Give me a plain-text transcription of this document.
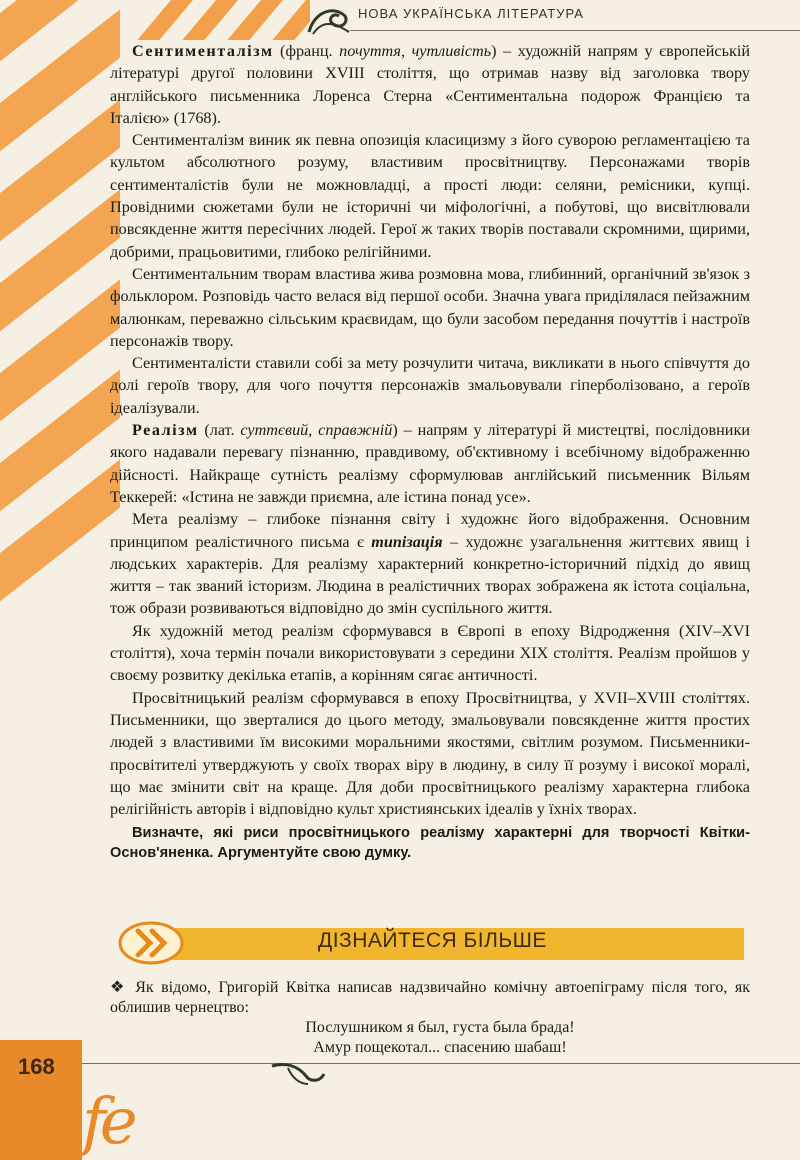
НОВА УКРАЇНСЬКА ЛІТЕРАТУРА

Сентименталізм (франц. почуття, чутливість) – художній напрям у європейській літературі другої половини XVIII століття, що отримав назву від заголовка твору англійського письменника Лоренса Стерна «Сентиментальна подорож Францією та Італією» (1768).

Сентименталізм виник як певна опозиція класицизму з його суворою регламентацією та культом абсолютного розуму, властивим просвітництву. Персонажами творів сентименталістів були не можновладці, а прості люди: селяни, ремісники, купці. Провідними сюжетами були не історичні чи міфологічні, а побутові, що висвітлювали повсякденне життя пересічних людей. Герої ж таких творів поставали скромними, щирими, добрими, працьовитими, глибоко релігійними.

Сентиментальним творам властива жива розмовна мова, глибинний, органічний зв'язок з фольклором. Розповідь часто велася від першої особи. Значна увага приділялася пейзажним малюнкам, переважно сільським краєвидам, що були засобом передання почуттів і настроїв персонажів твору.

Сентименталісти ставили собі за мету розчулити читача, викликати в нього співчуття до долі героїв твору, для чого почуття персонажів змальовували гіперболізовано, а героїв ідеалізували.

Реалізм (лат. суттєвий, справжній) – напрям у літературі й мистецтві, послідовники якого надавали перевагу пізнанню, правдивому, об'єктивному і всебічному відображенню дійсності. Найкраще сутність реалізму сформулював англійський письменник Вільям Теккерей: «Істина не завжди приємна, але істина понад усе».

Мета реалізму – глибоке пізнання світу і художнє його відображення. Основним принципом реалістичного письма є типізація – художнє узагальнення життєвих явищ і людських характерів. Для реалізму характерний конкретно-історичний підхід до явищ життя – так званий історизм. Людина в реалістичних творах зображена як істота соціальна, тож образи розвиваються відповідно до змін суспільного життя.

Як художній метод реалізм сформувався в Європі в епоху Відродження (XIV–XVI століття), хоча термін почали використовувати з середини XIX століття. Реалізм пройшов у своєму розвитку декілька етапів, а корінням сягає античності.

Просвітницький реалізм сформувався в епоху Просвітництва, у XVII–XVIII століттях. Письменники, що зверталися до цього методу, змальовували повсякденне життя простих людей з властивими їм високими моральними якостями, світлим розумом. Письменники-просвітителі утверджують у своїх творах віру в людину, в силу її розуму і високої моралі, що має змінити світ на краще. Для доби просвітницького реалізму характерна глибока релігійність авторів і відповідно культ християнських ідеалів у їхніх творах.

Визначте, які риси просвітницького реалізму характерні для творчості Квітки-Основ'яненка. Аргументуйте свою думку.

ДІЗНАЙТЕСЯ БІЛЬШЕ

❖ Як відомо, Григорій Квітка написав надзвичайно комічну автоепіграму після того, як облишив чернецтво:

Послушником я был, густа была брада!

Амур пощекотал... спасению шабаш!

168
fe
